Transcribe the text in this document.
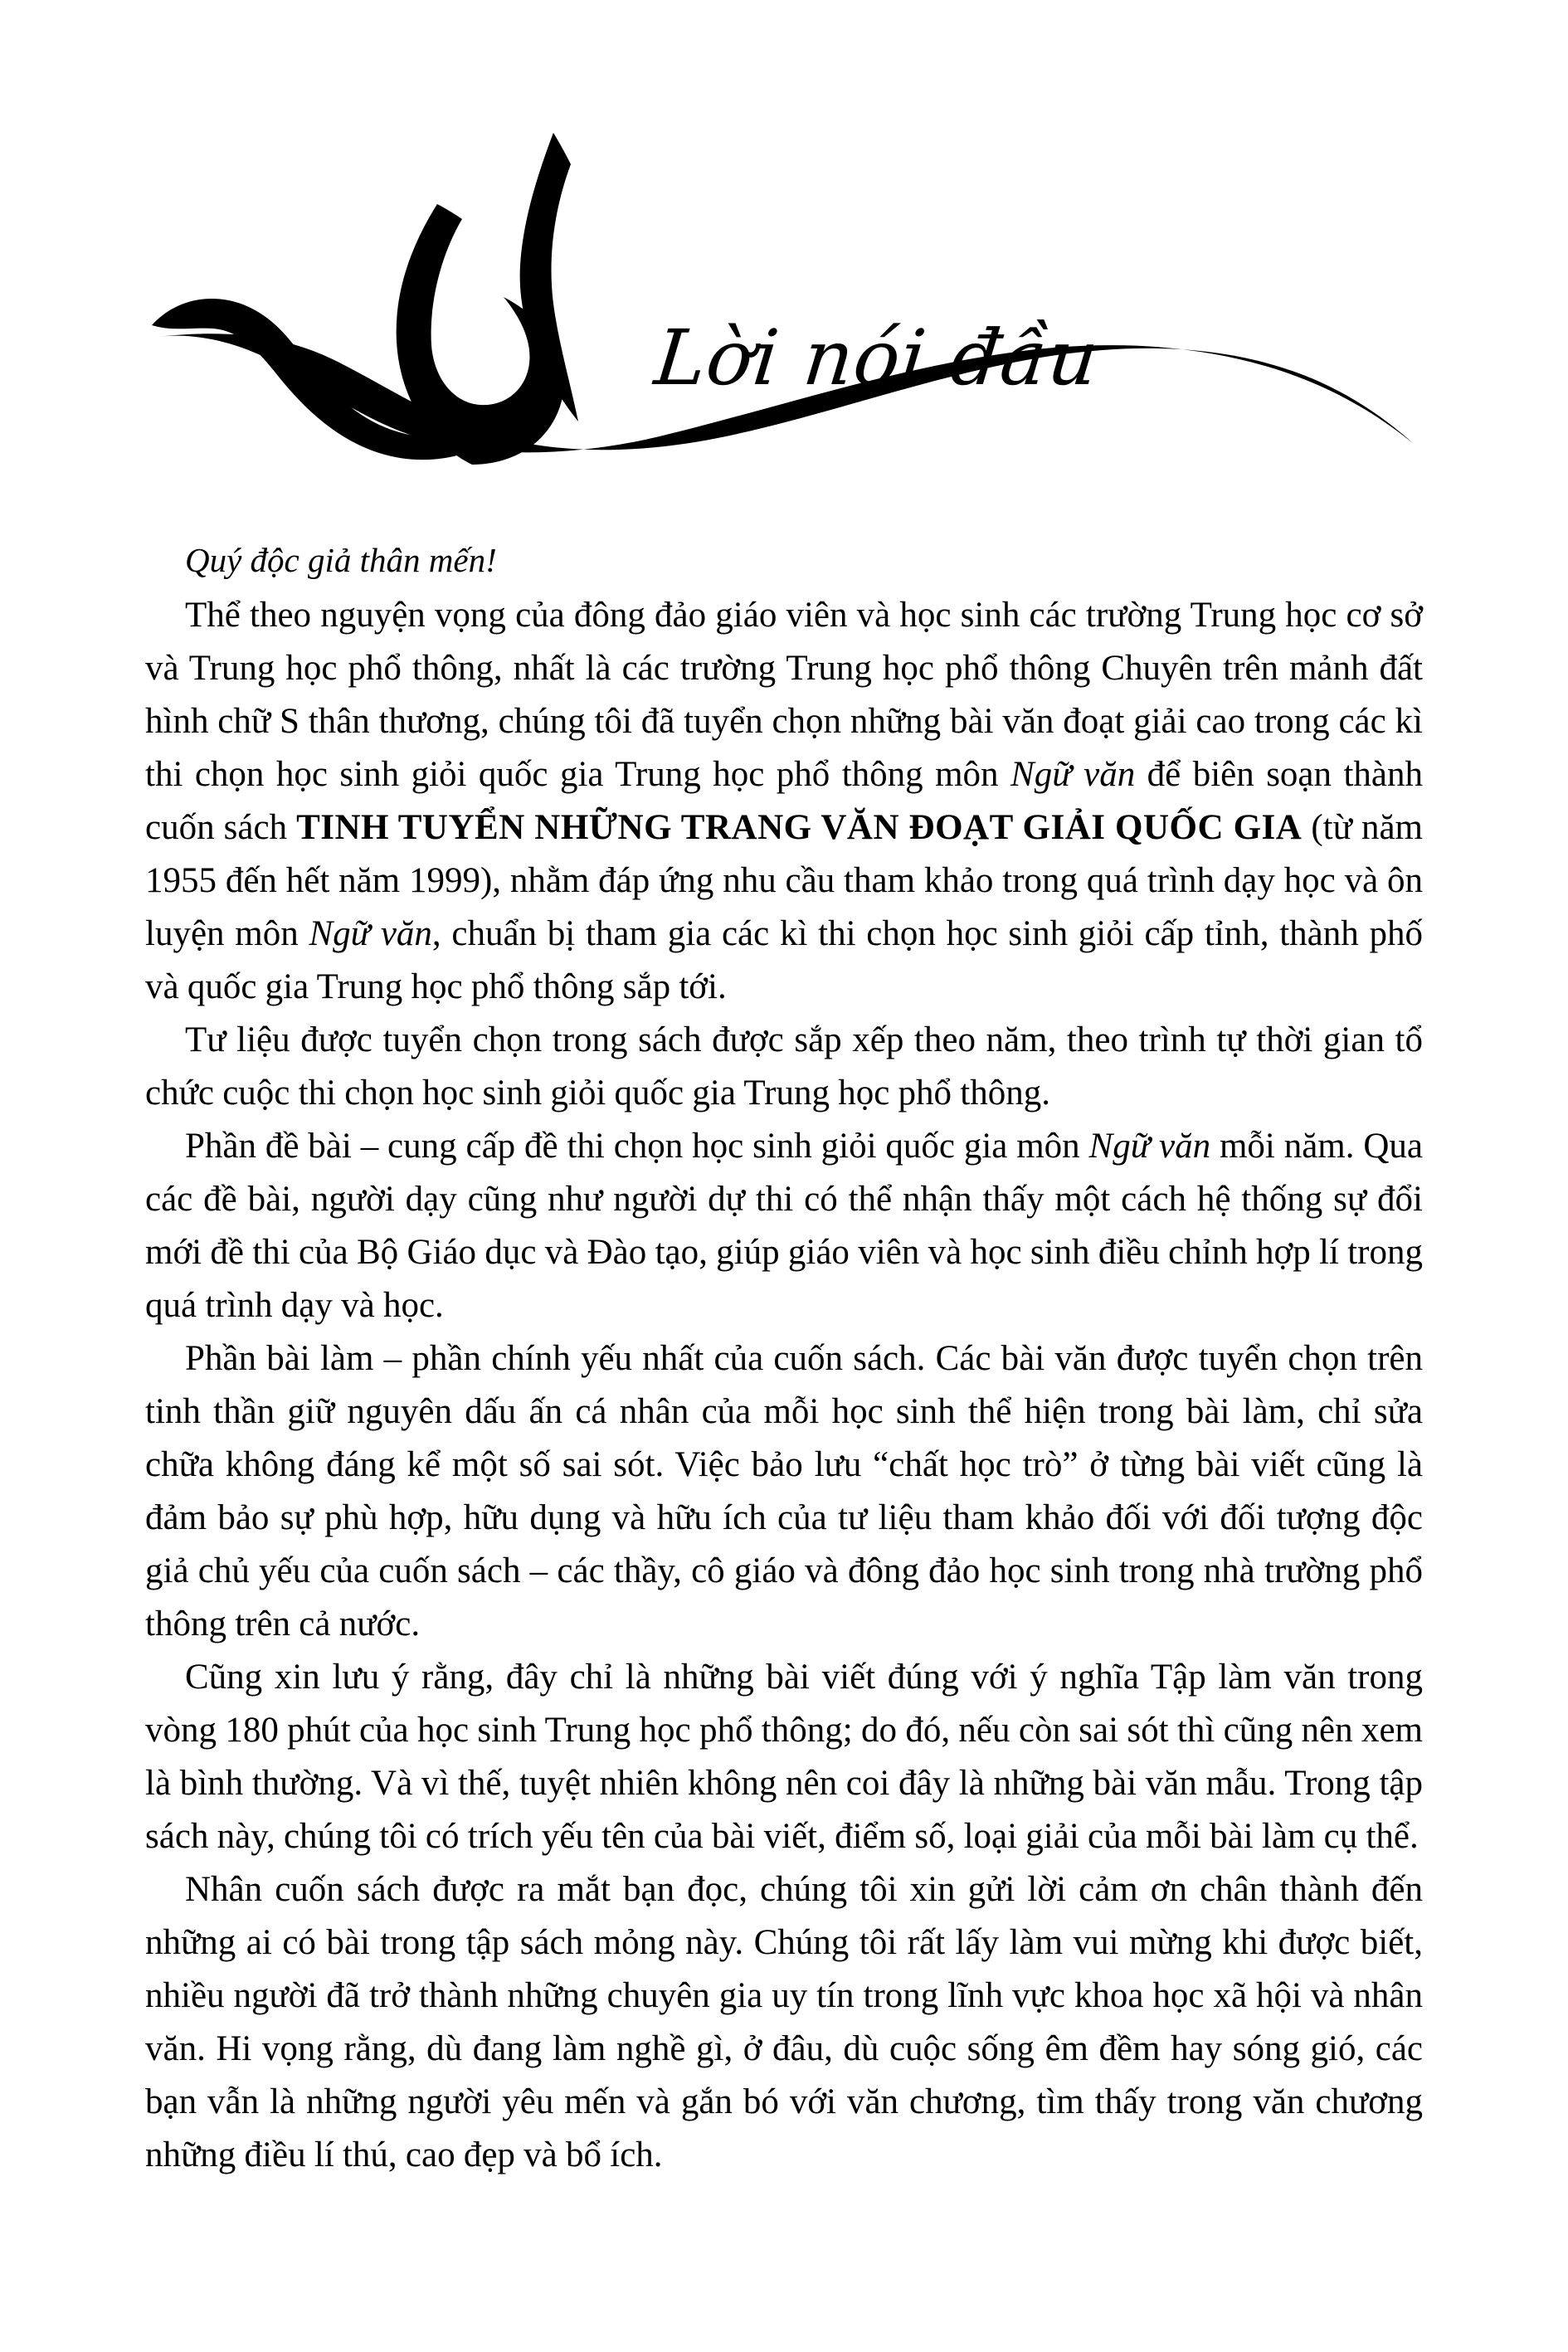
Lời nói đầu
Quý độc giả thân mến!

Thể theo nguyện vọng của đông đảo giáo viên và học sinh các trường Trung học cơ sở và Trung học phổ thông, nhất là các trường Trung học phổ thông Chuyên trên mảnh đất hình chữ S thân thương, chúng tôi đã tuyển chọn những bài văn đoạt giải cao trong các kì thi chọn học sinh giỏi quốc gia Trung học phổ thông môn Ngữ văn để biên soạn thành cuốn sách TINH TUYỂN NHỮNG TRANG VĂN ĐOẠT GIẢI QUỐC GIA (từ năm 1955 đến hết năm 1999), nhằm đáp ứng nhu cầu tham khảo trong quá trình dạy học và ôn luyện môn Ngữ văn, chuẩn bị tham gia các kì thi chọn học sinh giỏi cấp tỉnh, thành phố và quốc gia Trung học phổ thông sắp tới.

Tư liệu được tuyển chọn trong sách được sắp xếp theo năm, theo trình tự thời gian tổ chức cuộc thi chọn học sinh giỏi quốc gia Trung học phổ thông.

Phần đề bài – cung cấp đề thi chọn học sinh giỏi quốc gia môn Ngữ văn mỗi năm. Qua các đề bài, người dạy cũng như người dự thi có thể nhận thấy một cách hệ thống sự đổi mới đề thi của Bộ Giáo dục và Đào tạo, giúp giáo viên và học sinh điều chỉnh hợp lí trong quá trình dạy và học.

Phần bài làm – phần chính yếu nhất của cuốn sách. Các bài văn được tuyển chọn trên tinh thần giữ nguyên dấu ấn cá nhân của mỗi học sinh thể hiện trong bài làm, chỉ sửa chữa không đáng kể một số sai sót. Việc bảo lưu “chất học trò” ở từng bài viết cũng là đảm bảo sự phù hợp, hữu dụng và hữu ích của tư liệu tham khảo đối với đối tượng độc giả chủ yếu của cuốn sách – các thầy, cô giáo và đông đảo học sinh trong nhà trường phổ thông trên cả nước.

Cũng xin lưu ý rằng, đây chỉ là những bài viết đúng với ý nghĩa Tập làm văn trong vòng 180 phút của học sinh Trung học phổ thông; do đó, nếu còn sai sót thì cũng nên xem là bình thường. Và vì thế, tuyệt nhiên không nên coi đây là những bài văn mẫu. Trong tập sách này, chúng tôi có trích yếu tên của bài viết, điểm số, loại giải của mỗi bài làm cụ thể.

Nhân cuốn sách được ra mắt bạn đọc, chúng tôi xin gửi lời cảm ơn chân thành đến những ai có bài trong tập sách mỏng này. Chúng tôi rất lấy làm vui mừng khi được biết, nhiều người đã trở thành những chuyên gia uy tín trong lĩnh vực khoa học xã hội và nhân văn. Hi vọng rằng, dù đang làm nghề gì, ở đâu, dù cuộc sống êm đềm hay sóng gió, các bạn vẫn là những người yêu mến và gắn bó với văn chương, tìm thấy trong văn chương những điều lí thú, cao đẹp và bổ ích.
